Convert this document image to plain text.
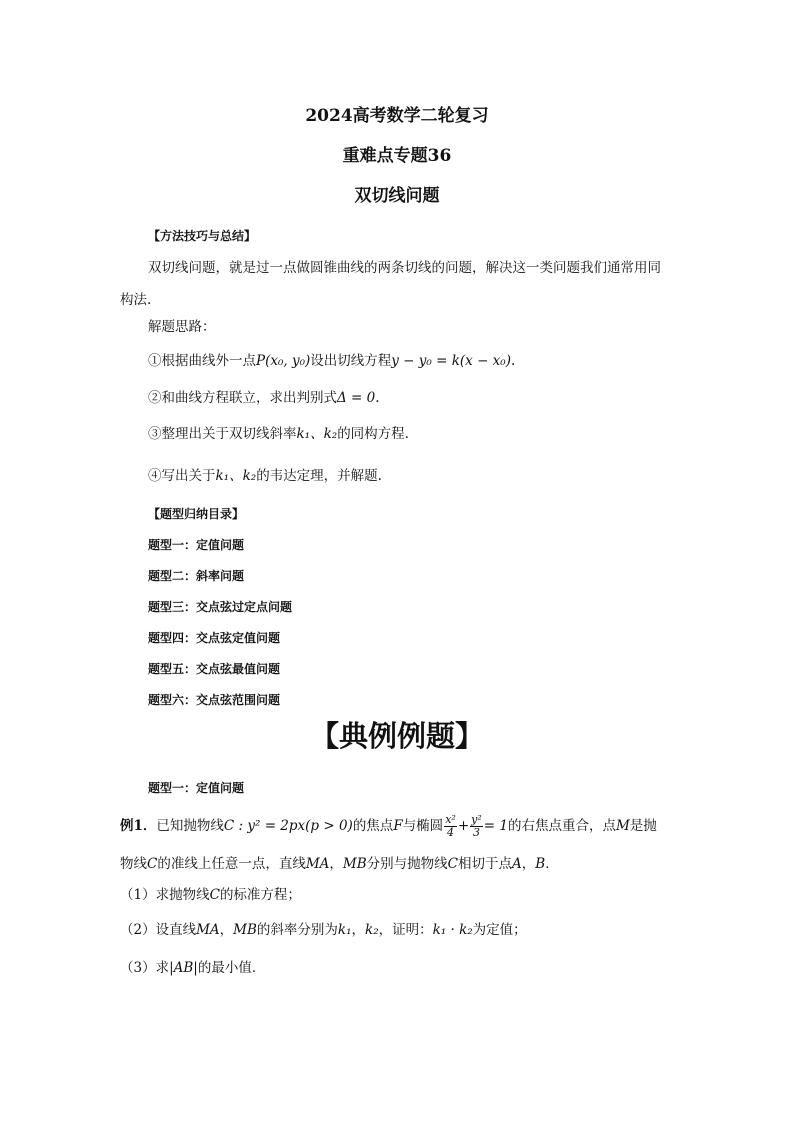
2024高考数学二轮复习
重难点专题36
双切线问题
【方法技巧与总结】
双切线问题，就是过一点做圆锥曲线的两条切线的问题，解决这一类问题我们通常用同
构法.
解题思路：
①根据曲线外一点P(x₀, y₀)设出切线方程y − y₀ = k(x − x₀).
②和曲线方程联立，求出判别式Δ = 0.
③整理出关于双切线斜率k₁、k₂的同构方程.
④写出关于k₁、k₂的韦达定理，并解题.
【题型归纳目录】
题型一：定值问题
题型二：斜率问题
题型三：交点弦过定点问题
题型四：交点弦定值问题
题型五：交点弦最值问题
题型六：交点弦范围问题
【典例例题】
题型一：定值问题
例1．已知抛物线C : y² = 2px(p > 0)的焦点F与椭圆 $\frac{\text{x²}}{4} + \frac{\text{y²}}{3} = 1$的右焦点重合，点M是抛
物线C的准线上任意一点，直线MA，MB分别与抛物线C相切于点A，B．
（1）求抛物线C的标准方程；
（2）设直线MA，MB的斜率分别为k₁，k₂，证明：k₁ · k₂为定值；
（3）求|AB|的最小值．
